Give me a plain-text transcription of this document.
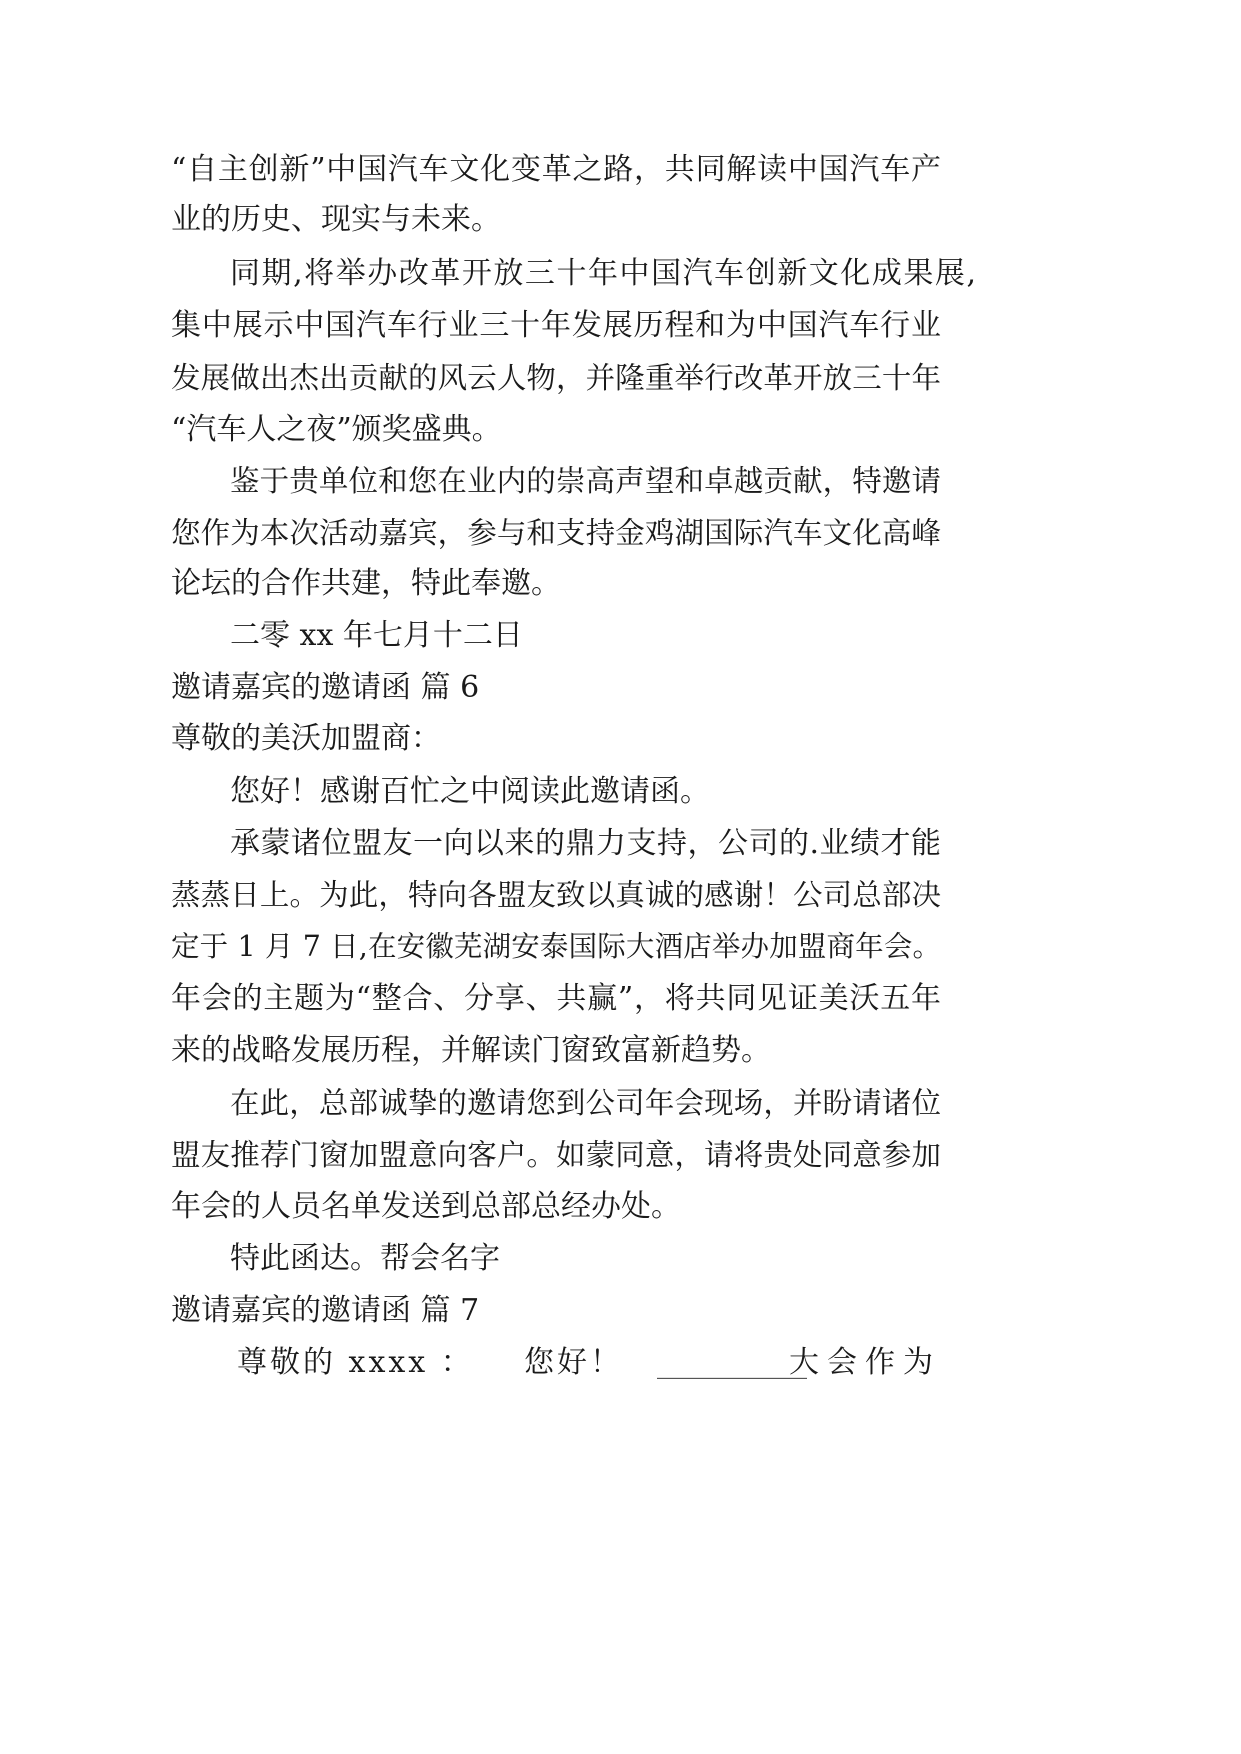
“自主创新”中国汽车文化变革之路，共同解读中国汽车产
业的历史、现实与未来。
同期,将举办改革开放三十年中国汽车创新文化成果展,
集中展示中国汽车行业三十年发展历程和为中国汽车行业
发展做出杰出贡献的风云人物，并隆重举行改革开放三十年
“汽车人之夜”颁奖盛典。
鉴于贵单位和您在业内的崇高声望和卓越贡献，特邀请
您作为本次活动嘉宾，参与和支持金鸡湖国际汽车文化高峰
论坛的合作共建，特此奉邀。
二零 xx 年七月十二日
邀请嘉宾的邀请函 篇 6
尊敬的美沃加盟商：
您好！感谢百忙之中阅读此邀请函。
承蒙诸位盟友一向以来的鼎力支持，公司的.业绩才能
蒸蒸日上。为此，特向各盟友致以真诚的感谢！公司总部决
定于 1 月 7 日,在安徽芜湖安泰国际大酒店举办加盟商年会。
年会的主题为“整合、分享、共赢”，将共同见证美沃五年
来的战略发展历程，并解读门窗致富新趋势。
在此，总部诚挚的邀请您到公司年会现场，并盼请诸位
盟友推荐门窗加盟意向客户。如蒙同意，请将贵处同意参加
年会的人员名单发送到总部总经办处。
特此函达。帮会名字
邀请嘉宾的邀请函 篇 7
尊敬的 xxxx ： 您好！ __________
大会作为
